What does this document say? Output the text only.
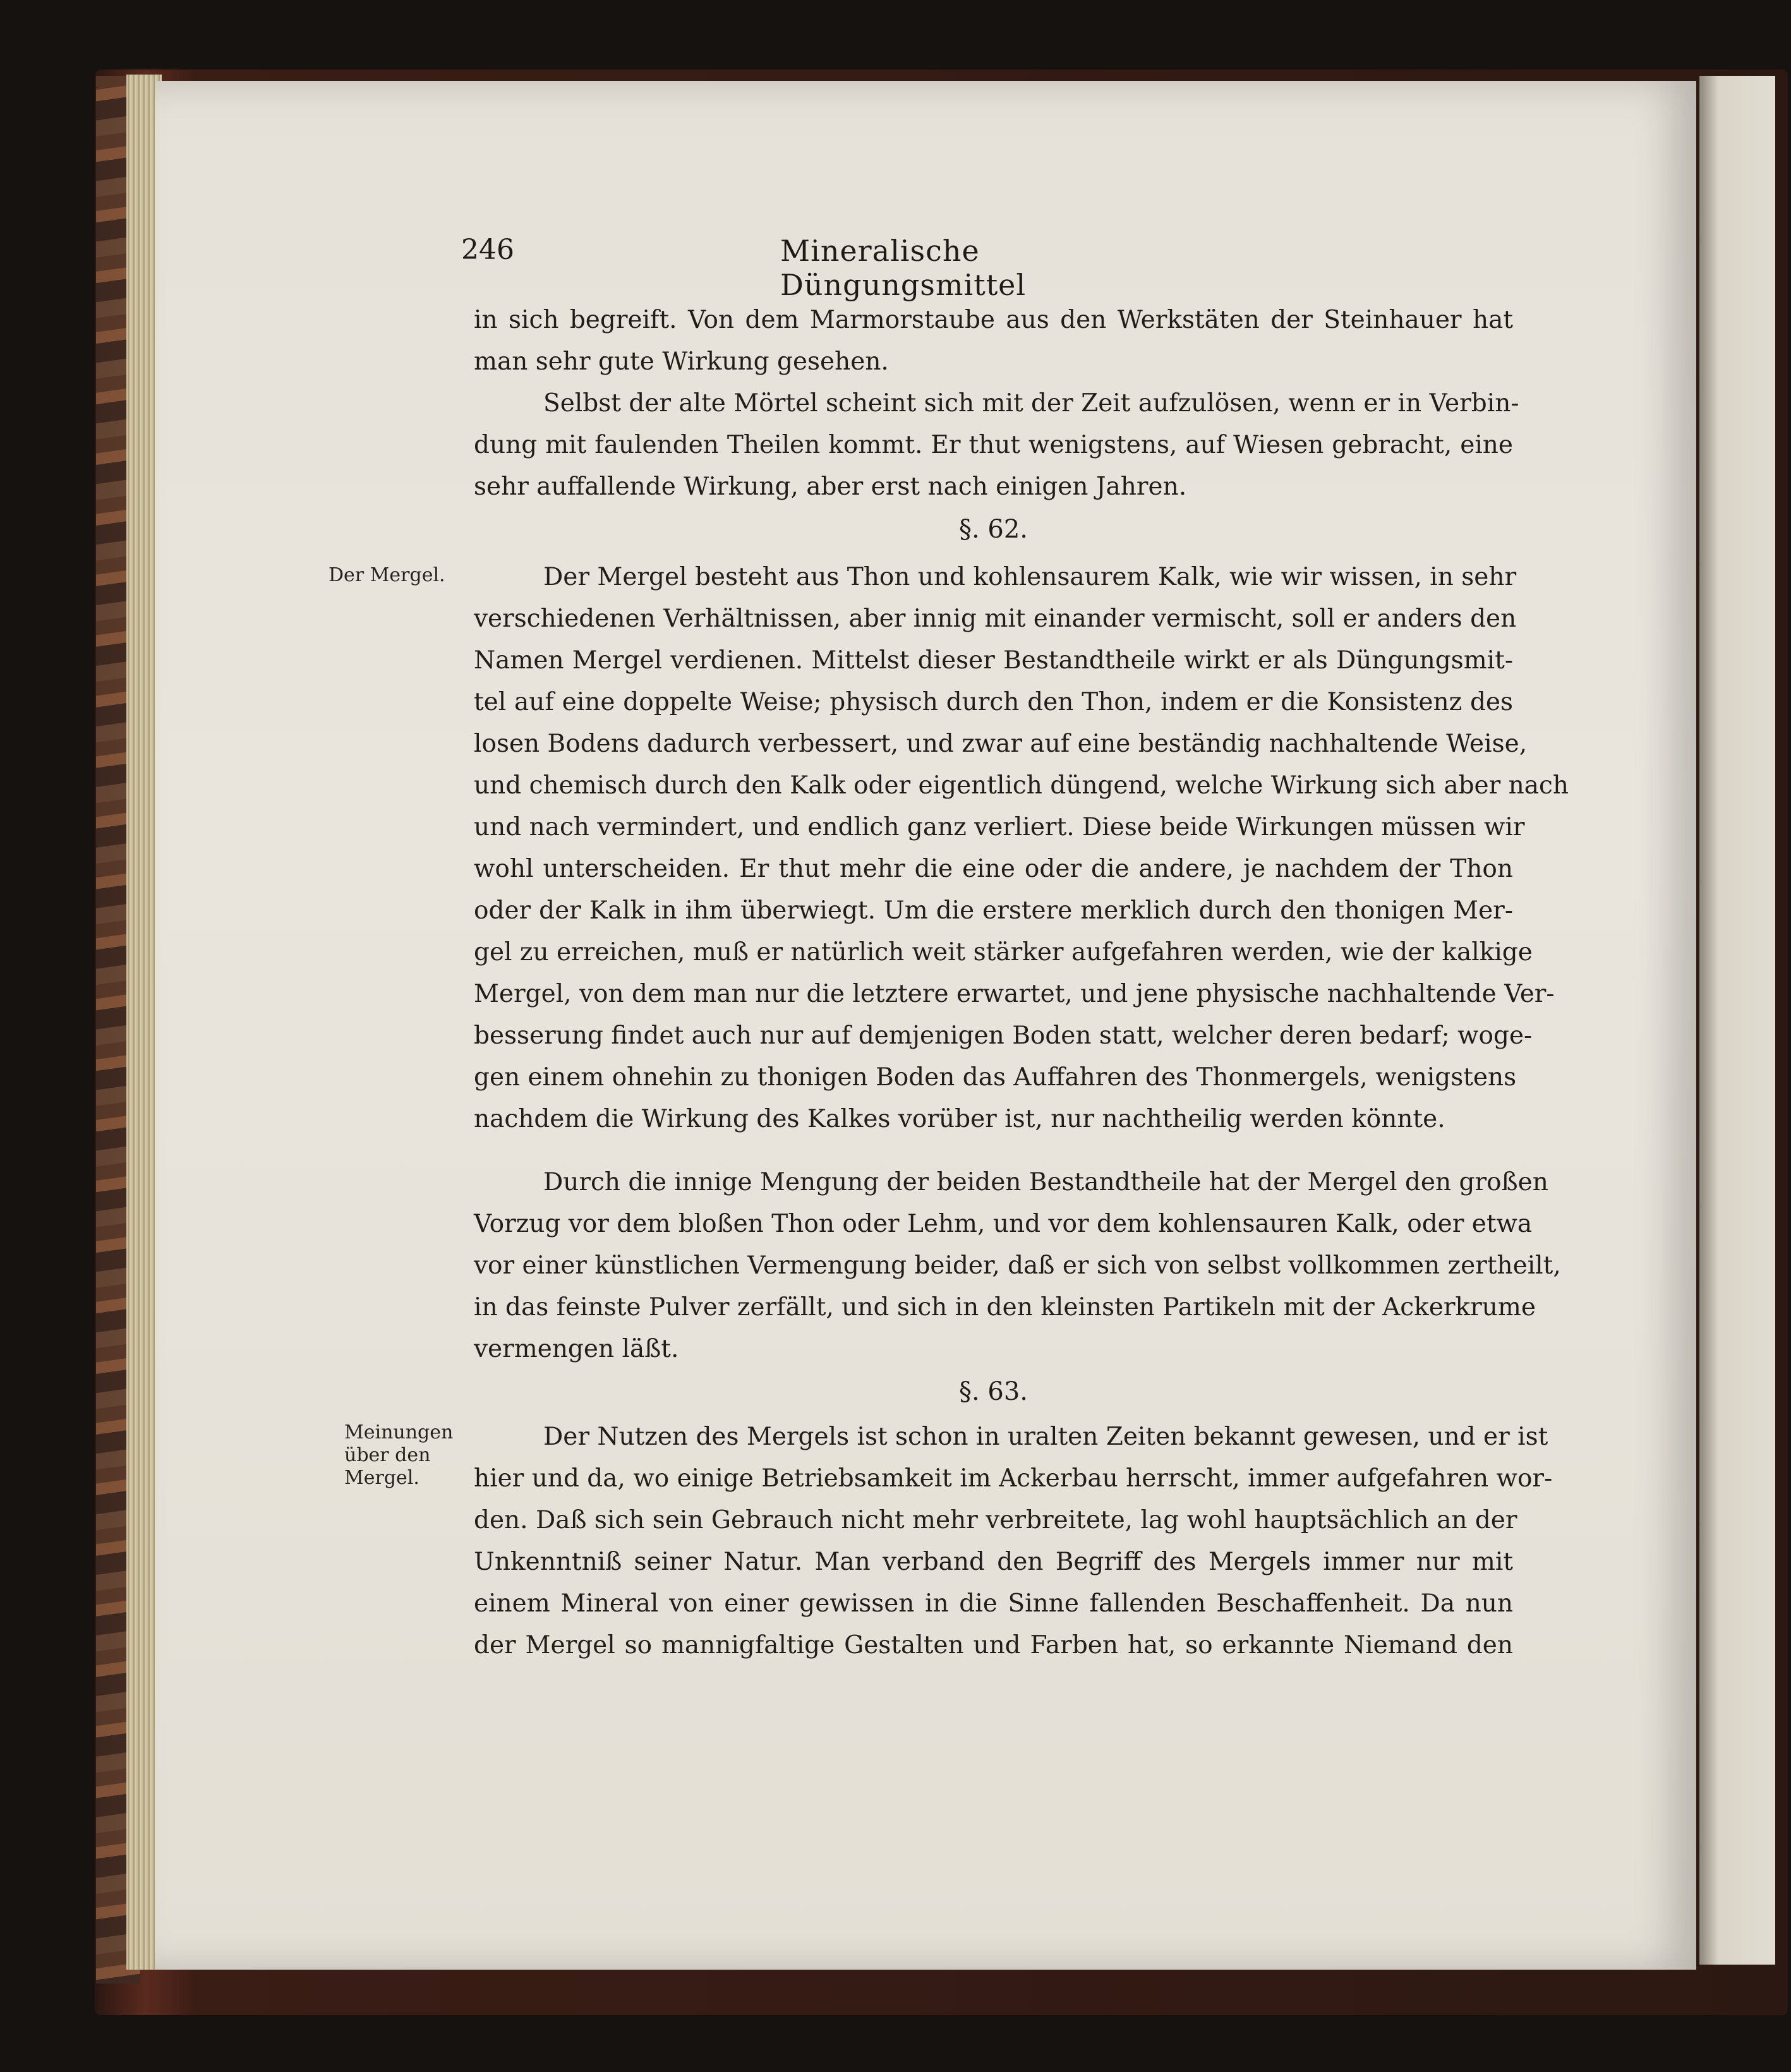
246	Mineralische Düngungsmittel
in sich begreift. Von dem Marmorstaube aus den Werkstäten der Steinhauer hat
man sehr gute Wirkung gesehen.
Selbst der alte Mörtel scheint sich mit der Zeit aufzulösen, wenn er in Verbin-
dung mit faulenden Theilen kommt. Er thut wenigstens, auf Wiesen gebracht, eine
sehr auffallende Wirkung, aber erst nach einigen Jahren.
§. 62.
Der Mergel.	Der Mergel besteht aus Thon und kohlensaurem Kalk, wie wir wissen, in sehr
verschiedenen Verhältnissen, aber innig mit einander vermischt, soll er anders den
Namen Mergel verdienen. Mittelst dieser Bestandtheile wirkt er als Düngungsmit-
tel auf eine doppelte Weise; physisch durch den Thon, indem er die Konsistenz des
losen Bodens dadurch verbessert, und zwar auf eine beständig nachhaltende Weise,
und chemisch durch den Kalk oder eigentlich düngend, welche Wirkung sich aber nach
und nach vermindert, und endlich ganz verliert. Diese beide Wirkungen müssen wir
wohl unterscheiden. Er thut mehr die eine oder die andere, je nachdem der Thon
oder der Kalk in ihm überwiegt. Um die erstere merklich durch den thonigen Mer-
gel zu erreichen, muß er natürlich weit stärker aufgefahren werden, wie der kalkige
Mergel, von dem man nur die letztere erwartet, und jene physische nachhaltende Ver-
besserung findet auch nur auf demjenigen Boden statt, welcher deren bedarf; woge-
gen einem ohnehin zu thonigen Boden das Auffahren des Thonmergels, wenigstens
nachdem die Wirkung des Kalkes vorüber ist, nur nachtheilig werden könnte.
Durch die innige Mengung der beiden Bestandtheile hat der Mergel den großen
Vorzug vor dem bloßen Thon oder Lehm, und vor dem kohlensauren Kalk, oder etwa
vor einer künstlichen Vermengung beider, daß er sich von selbst vollkommen zertheilt,
in das feinste Pulver zerfällt, und sich in den kleinsten Partikeln mit der Ackerkrume
vermengen läßt.
§. 63.
Meinungen
über den
Mergel.
Der Nutzen des Mergels ist schon in uralten Zeiten bekannt gewesen, und er ist
hier und da, wo einige Betriebsamkeit im Ackerbau herrscht, immer aufgefahren wor-
den. Daß sich sein Gebrauch nicht mehr verbreitete, lag wohl hauptsächlich an der
Unkenntniß seiner Natur. Man verband den Begriff des Mergels immer nur mit
einem Mineral von einer gewissen in die Sinne fallenden Beschaffenheit. Da nun
der Mergel so mannigfaltige Gestalten und Farben hat, so erkannte Niemand den
